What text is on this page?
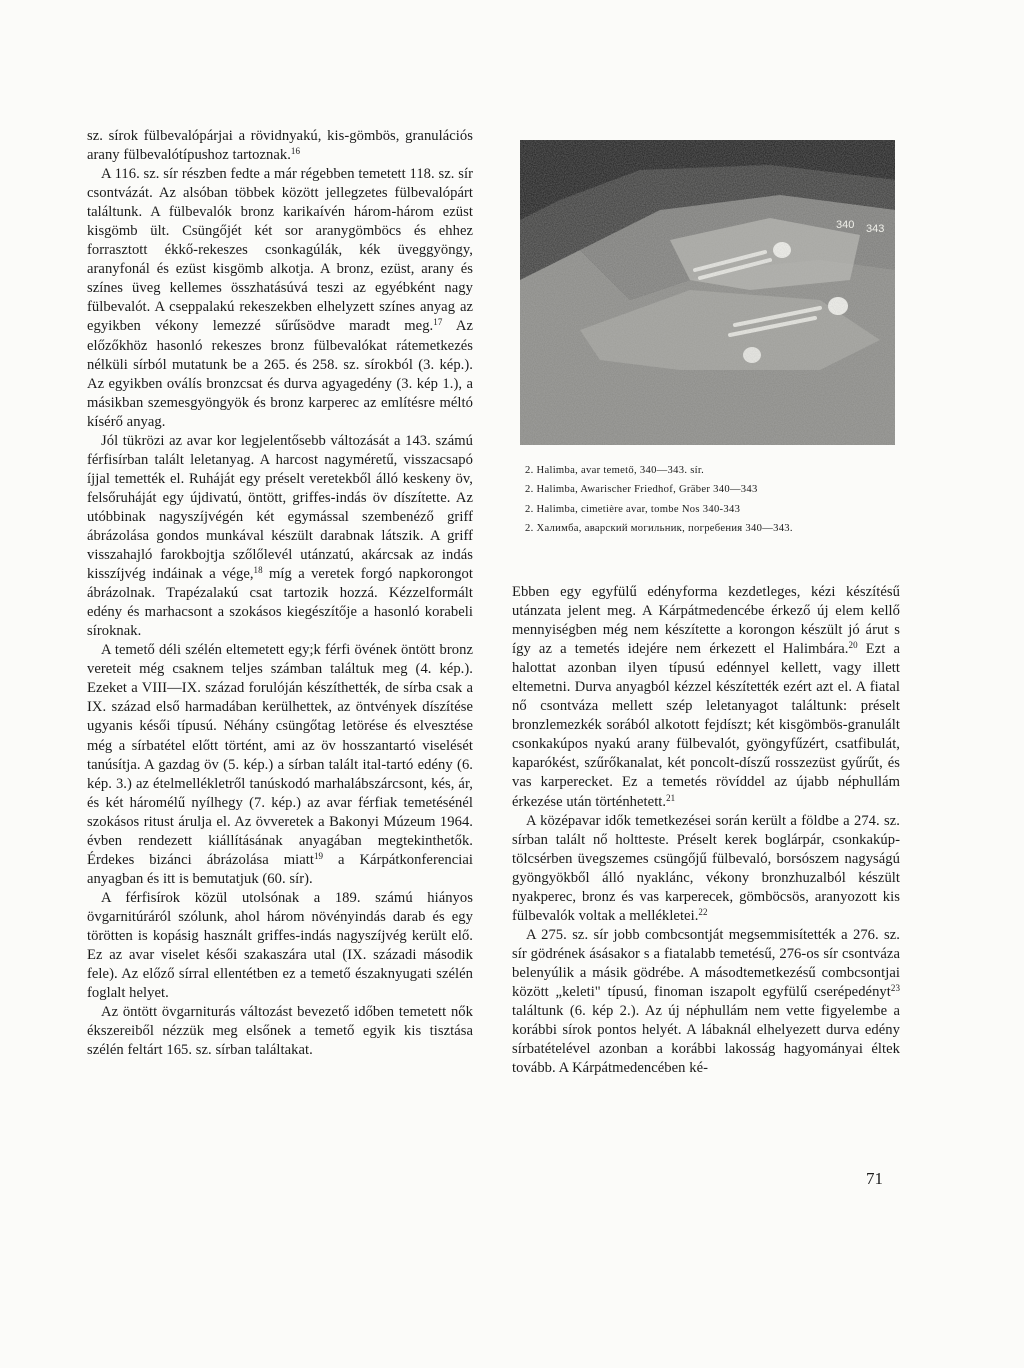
sz. sírok fülbevalópárjai a rövidnyakú, kis-gömbös, granulációs arany fülbevalótípushoz tartoznak.$^{16}$

A 116. sz. sír részben fedte a már régebben temetett 118. sz. sír csontvázát. Az alsóban többek között jellegzetes fülbevalópárt találtunk. A fülbevalók bronz karikaívén három-három ezüst kisgömb ült. Csüngőjét két sor aranygömböcs és ehhez forrasztott ékkő-rekeszes csonkagúlák, kék üveggyöngy, aranyfonál és ezüst kisgömb alkotja. A bronz, ezüst, arany és színes üveg kellemes összhatásúvá teszi az egyébként nagy fülbevalót. A cseppalakú rekeszekben elhelyzett színes anyag az egyikben vékony lemezzé sűrűsödve maradt meg.$^{17}$ Az előzőkhöz hasonló rekeszes bronz fülbevalókat rátemetkezés nélküli sírból mutatunk be a 265. és 258. sz. sírokból (3. kép.). Az egyikben oválís bronzcsat és durva agyagedény (3. kép 1.), a másikban szemesgyöngyök és bronz karperec az említésre méltó kísérő anyag.

Jól tükrözi az avar kor legjelentősebb változását a 143. számú férfisírban talált leletanyag. A harcost nagyméretű, visszacsapó íjjal temették el. Ruháját egy préselt veretekből álló keskeny öv, felsőruháját egy újdivatú, öntött, griffes-indás öv díszítette. Az utóbbinak nagyszíjvégén két egymással szembenéző griff ábrázolása gondos munkával készült darabnak látszik. A griff visszahajló farokbojtja szőlőlevél utánzatú, akárcsak az indás kisszíjvég indáinak a vége,$^{18}$ míg a veretek forgó napkorongot ábrázolnak. Trapézalakú csat tartozik hozzá. Kézzelformált edény és marhacsont a szokásos kiegészítője a hasonló korabeli síroknak.

A temető déli szélén eltemetett egy;k férfi övének öntött bronz vereteit még csaknem teljes számban találtuk meg (4. kép.). Ezeket a VIII—IX. század forulóján készíthették, de sírba csak a IX. század első harmadában kerülhettek, az öntvények díszítése ugyanis késői típusú. Néhány csüngőtag letörése és elvesztése még a sírbatétel előtt történt, ami az öv hosszantartó viselését tanúsítja. A gazdag öv (5. kép.) a sírban talált ital-tartó edény (6. kép. 3.) az ételmellékletről tanúskodó marhalábszárcsont, kés, ár, és két háromélű nyílhegy (7. kép.) az avar férfiak temetésénél szokásos ritust árulja el. Az övveretek a Bakonyi Múzeum 1964. évben rendezett kiállításának anyagában megtekinthetők. Érdekes bizánci ábrázolása miatt$^{19}$ a Kárpátkonferenciai anyagban és itt is bemutatjuk (60. sír).

A férfisírok közül utolsónak a 189. számú hiányos övgarnitúráról szólunk, ahol három növényindás darab és egy törötten is kopásig használt griffes-indás nagyszíjvég került elő. Ez az avar viselet késői szakaszára utal (IX. századi második fele). Az előző sírral ellentétben ez a temető északnyugati szélén foglalt helyet.

Az öntött övgarniturás változást bevezető időben temetett nők ékszereiből nézzük meg elsőnek a temető egyik kis tisztása szélén feltárt 165. sz. sírban találtakat.

340 343
2. Halimba, avar temető, 340—343. sír.
2. Halimba, Awarischer Friedhof, Gräber 340—343
2. Halimba, cimetière avar, tombe Nos 340-343
2. Халимба, аварский могильник, погребения 340—343.

Ebben egy egyfülű edényforma kezdetleges, kézi készítésű utánzata jelent meg. A Kárpátmedencébe érkező új elem kellő mennyiségben még nem készítette a korongon készült jó árut s így az a temetés idejére nem érkezett el Halimbára.$^{20}$ Ezt a halottat azonban ilyen típusú edénnyel kellett, vagy illett eltemetni. Durva anyagból kézzel készítették ezért azt el. A fiatal nő csontváza mellett szép leletanyagot találtunk: préselt bronzlemezkék sorából alkotott fejdíszt; két kisgömbös-granulált csonkakúpos nyakú arany fülbevalót, gyöngyfűzért, csatfibulát, kaparókést, szűrőkanalat, két poncolt-díszű rosszezüst gyűrűt, és vas karperecket. Ez a temetés rövíddel az újabb néphullám érkezése után történhetett.$^{21}$

A középavar idők temetkezései során került a földbe a 274. sz. sírban talált nő holtteste. Préselt kerek boglárpár, csonkakúp-tölcsérben üvegszemes csüngőjű fülbevaló, borsószem nagyságú gyöngyökből álló nyaklánc, vékony bronzhuzalból készült nyakperec, bronz és vas karperecek, gömböcsös, aranyozott kis fülbevalók voltak a mellékletei.$^{22}$

A 275. sz. sír jobb combcsontját megsemmisítették a 276. sz. sír gödrének ásásakor s a fiatalabb temetésű, 276-os sír csontváza belenyúlik a másik gödrébe. A másodtemetkezésű combcsontjai között „keleti" típusú, finoman iszapolt egyfülű cserépedényt$^{23}$ találtunk (6. kép 2.). Az új néphullám nem vette figyelembe a korábbi sírok pontos helyét. A lábaknál elhelyezett durva edény sírbatételével azonban a korábbi lakosság hagyományai éltek tovább. A Kárpátmedencében ké-

71
